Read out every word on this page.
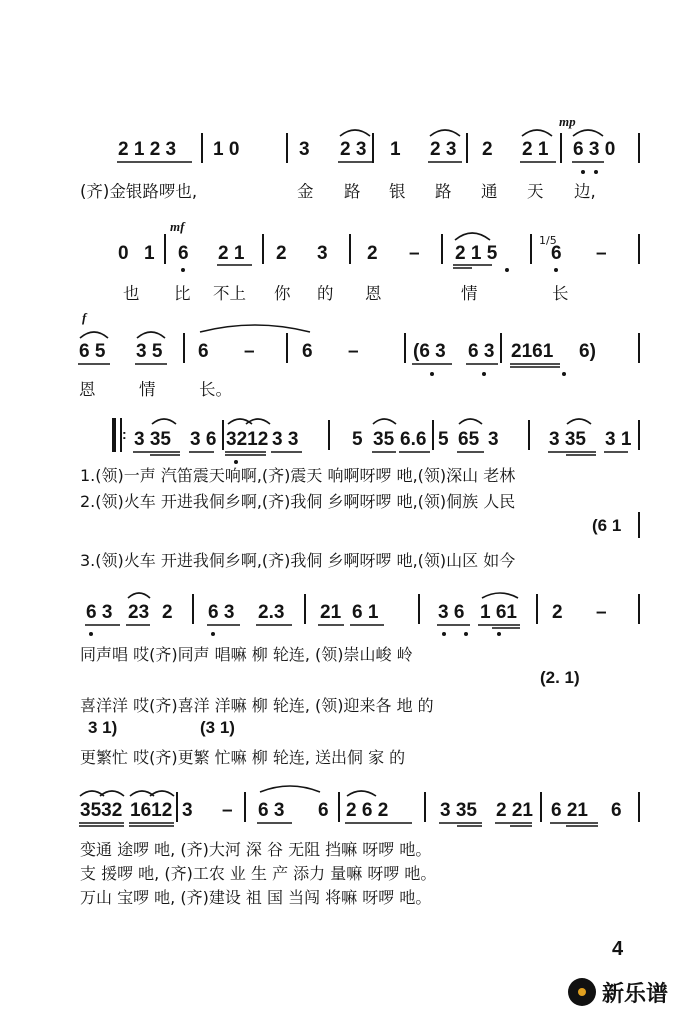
2 1 2 3 1 0	3 2 3 1 2 3 2 2 1
mp
6 3 0
(齐)金银路啰也,	金 路 银 路 通 天 边,
0 1
mf
6 2 1 2 3 2 – 2 1 5
1/5
6 –
也 比 不上 你 的 恩	情	长
f
6 5 3 5 6 – 6 –	(6 3 6 3 2161 6)
恩	情	长。
: 3 35 3 6 3212 3 3	5 35 6.6 5 65 3	3 35 3 1
1.(领)一声 汽笛震天响啊,(齐)震天 响啊呀啰 吔,(领)深山 老林
2.(领)火车 开进我侗乡啊,(齐)我侗 乡啊呀啰 吔,(领)侗族 人民
(6 1
3.(领)火车 开进我侗乡啊,(齐)我侗 乡啊呀啰 吔,(领)山区 如今
6 3 23 2 6 3 2.3 21 6 1	3 6 1 61 2 –
同声唱 哎(齐)同声 唱嘛 柳 轮连, (领)崇山峻 岭
(2. 1)
喜洋洋 哎(齐)喜洋 洋嘛 柳 轮连, (领)迎来各 地 的
3 1)	(3 1)
更繁忙 哎(齐)更繁 忙嘛 柳 轮连, 送出侗 家 的
3532 1612 3 – 6 3 6 2 6 2	3 35 2 21 6 21 6
变通 途啰 吔, (齐)大河 深 谷 无阻 挡嘛 呀啰 吔。
支 援啰 吔, (齐)工农 业 生 产 添力 量嘛 呀啰 吔。
万山 宝啰 吔, (齐)建设 祖 国 当闯 将嘛 呀啰 吔。
4
新乐谱
